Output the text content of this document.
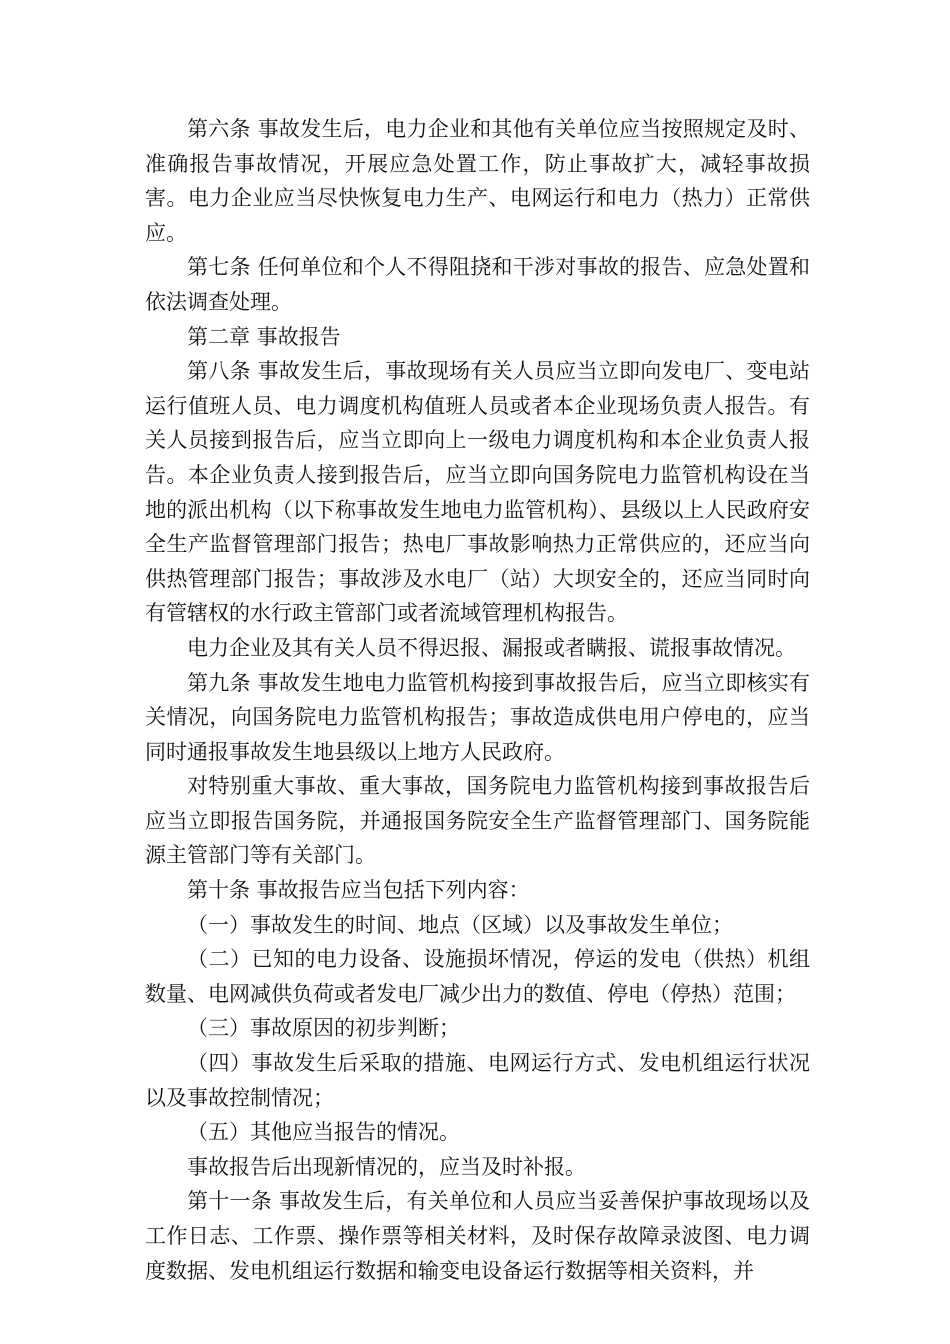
第六条 事故发生后，电力企业和其他有关单位应当按照规定及时、准确报告事故情况，开展应急处置工作，防止事故扩大，减轻事故损害。电力企业应当尽快恢复电力生产、电网运行和电力（热力）正常供应。

第七条 任何单位和个人不得阻挠和干涉对事故的报告、应急处置和依法调查处理。

第二章 事故报告

第八条 事故发生后，事故现场有关人员应当立即向发电厂、变电站运行值班人员、电力调度机构值班人员或者本企业现场负责人报告。有关人员接到报告后，应当立即向上一级电力调度机构和本企业负责人报告。本企业负责人接到报告后，应当立即向国务院电力监管机构设在当地的派出机构（以下称事故发生地电力监管机构）、县级以上人民政府安全生产监督管理部门报告；热电厂事故影响热力正常供应的，还应当向供热管理部门报告；事故涉及水电厂（站）大坝安全的，还应当同时向有管辖权的水行政主管部门或者流域管理机构报告。

电力企业及其有关人员不得迟报、漏报或者瞒报、谎报事故情况。

第九条 事故发生地电力监管机构接到事故报告后，应当立即核实有关情况，向国务院电力监管机构报告；事故造成供电用户停电的，应当同时通报事故发生地县级以上地方人民政府。

对特别重大事故、重大事故，国务院电力监管机构接到事故报告后应当立即报告国务院，并通报国务院安全生产监督管理部门、国务院能源主管部门等有关部门。

第十条 事故报告应当包括下列内容：

（一）事故发生的时间、地点（区域）以及事故发生单位；

（二）已知的电力设备、设施损坏情况，停运的发电（供热）机组数量、电网减供负荷或者发电厂减少出力的数值、停电（停热）范围；

（三）事故原因的初步判断；

（四）事故发生后采取的措施、电网运行方式、发电机组运行状况以及事故控制情况；

（五）其他应当报告的情况。

事故报告后出现新情况的，应当及时补报。

第十一条 事故发生后，有关单位和人员应当妥善保护事故现场以及工作日志、工作票、操作票等相关材料，及时保存故障录波图、电力调度数据、发电机组运行数据和输变电设备运行数据等相关资料，并
